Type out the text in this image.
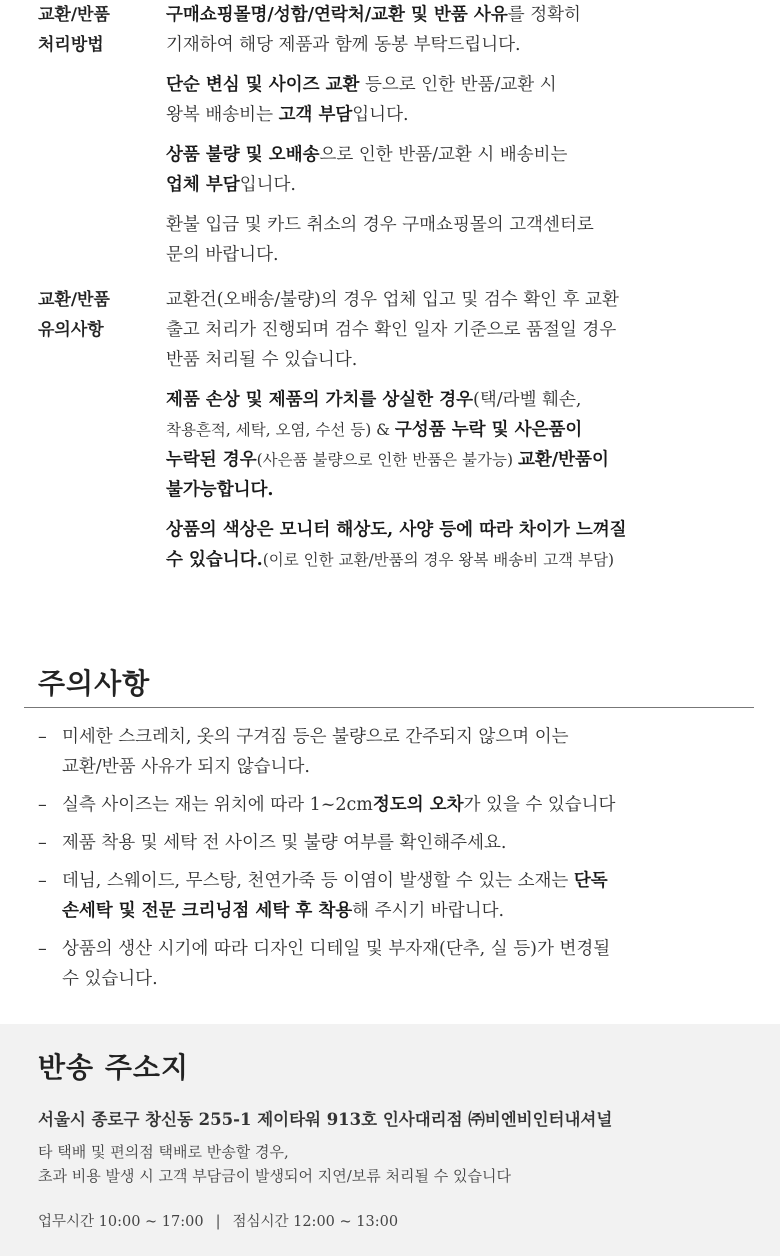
교환/반품
처리방법
구매쇼핑몰명/성함/연락처/교환 및 반품 사유를 정확히
기재하여 해당 제품과 함께 동봉 부탁드립니다.
단순 변심 및 사이즈 교환 등으로 인한 반품/교환 시
왕복 배송비는 고객 부담입니다.
상품 불량 및 오배송으로 인한 반품/교환 시 배송비는
업체 부담입니다.
환불 입금 및 카드 취소의 경우 구매쇼핑몰의 고객센터로
문의 바랍니다.
교환/반품
유의사항
교환건(오배송/불량)의 경우 업체 입고 및 검수 확인 후 교환
출고 처리가 진행되며 검수 확인 일자 기준으로 품절일 경우
반품 처리될 수 있습니다.
제품 손상 및 제품의 가치를 상실한 경우(택/라벨 훼손,
착용흔적, 세탁, 오염, 수선 등) & 구성품 누락 및 사은품이
누락된 경우(사은품 불량으로 인한 반품은 불가능) 교환/반품이
불가능합니다.
상품의 색상은 모니터 해상도, 사양 등에 따라 차이가 느껴질
수 있습니다.(이로 인한 교환/반품의 경우 왕복 배송비 고객 부담)
주의사항
– 미세한 스크레치, 옷의 구겨짐 등은 불량으로 간주되지 않으며 이는
교환/반품 사유가 되지 않습니다.
– 실측 사이즈는 재는 위치에 따라 1~2cm정도의 오차가 있을 수 있습니다
– 제품 착용 및 세탁 전 사이즈 및 불량 여부를 확인해주세요.
– 데님, 스웨이드, 무스탕, 천연가죽 등 이염이 발생할 수 있는 소재는 단독
손세탁 및 전문 크리닝점 세탁 후 착용해 주시기 바랍니다.
– 상품의 생산 시기에 따라 디자인 디테일 및 부자재(단추, 실 등)가 변경될
수 있습니다.
반송 주소지
서울시 종로구 창신동 255-1 제이타워 913호 인사대리점 ㈜비엔비인터내셔널
타 택배 및 편의점 택배로 반송할 경우,
초과 비용 발생 시 고객 부담금이 발생되어 지연/보류 처리될 수 있습니다
업무시간 10:00 ~ 17:00 | 점심시간 12:00 ~ 13:00
